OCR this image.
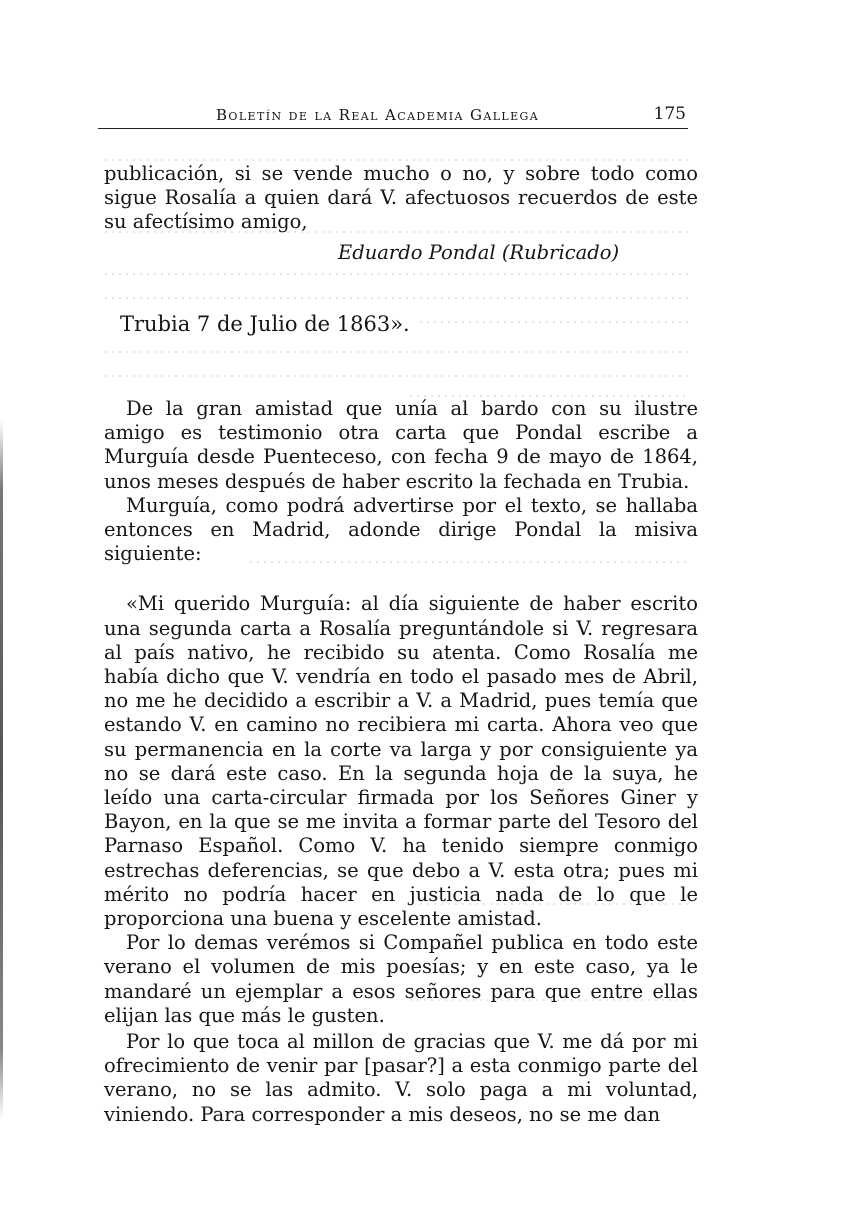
Boletín de la Real Academia Gallega	175

publicación, si se vende mucho o no, y sobre todo como sigue Rosalía a quien dará V. afectuosos recuerdos de este su afectísimo amigo,

Eduardo Pondal (Rubricado)
Trubia 7 de Julio de 1863».

De la gran amistad que unía al bardo con su ilustre amigo es testimonio otra carta que Pondal escribe a Murguía desde Puenteceso, con fecha 9 de mayo de 1864, unos meses después de haber escrito la fechada en Trubia.

Murguía, como podrá advertirse por el texto, se hallaba entonces en Madrid, adonde dirige Pondal la misiva siguiente:

«Mi querido Murguía: al día siguiente de haber escrito una segunda carta a Rosalía preguntándole si V. regresara al país nativo, he recibido su atenta. Como Rosalía me había dicho que V. vendría en todo el pasado mes de Abril, no me he decidido a escribir a V. a Madrid, pues temía que estando V. en camino no recibiera mi carta. Ahora veo que su permanencia en la corte va larga y por consiguiente ya no se dará este caso. En la segunda hoja de la suya, he leído una carta-circular firmada por los Señores Giner y Bayon, en la que se me invita a formar parte del Tesoro del Parnaso Español. Como V. ha tenido siempre conmigo estrechas deferencias, se que debo a V. esta otra; pues mi mérito no podría hacer en justicia nada de lo que le proporciona una buena y escelente amistad.

Por lo demas verémos si Compañel publica en todo este verano el volumen de mis poesías; y en este caso, ya le mandaré un ejemplar a esos señores para que entre ellas elijan las que más le gusten.

Por lo que toca al millon de gracias que V. me dá por mi ofrecimiento de venir par [pasar?] a esta conmigo parte del verano, no se las admito. V. solo paga a mi voluntad, viniendo. Para corresponder a mis deseos, no se me dan
